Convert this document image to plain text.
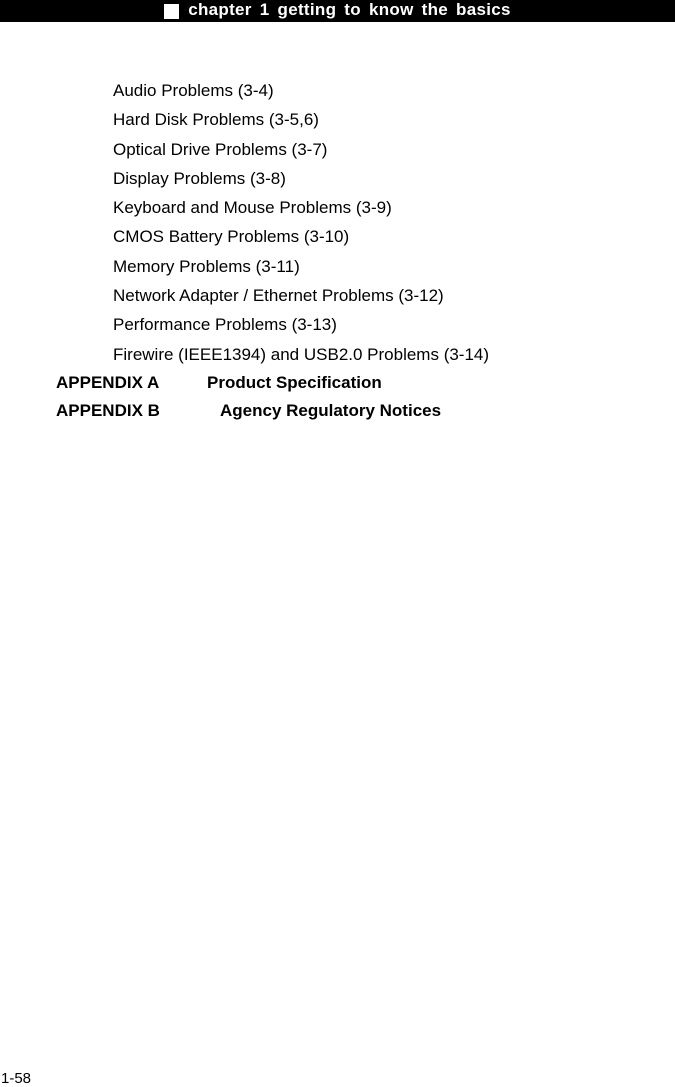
chapter 1 getting to know the basics
Audio Problems (3-4)
Hard Disk Problems (3-5,6)
Optical Drive Problems (3-7)
Display Problems (3-8)
Keyboard and Mouse Problems (3-9)
CMOS Battery Problems (3-10)
Memory Problems (3-11)
Network Adapter / Ethernet Problems (3-12)
Performance Problems (3-13)
Firewire (IEEE1394) and USB2.0 Problems (3-14)
APPENDIX A	Product Specification
APPENDIX B	Agency Regulatory Notices
1-58
